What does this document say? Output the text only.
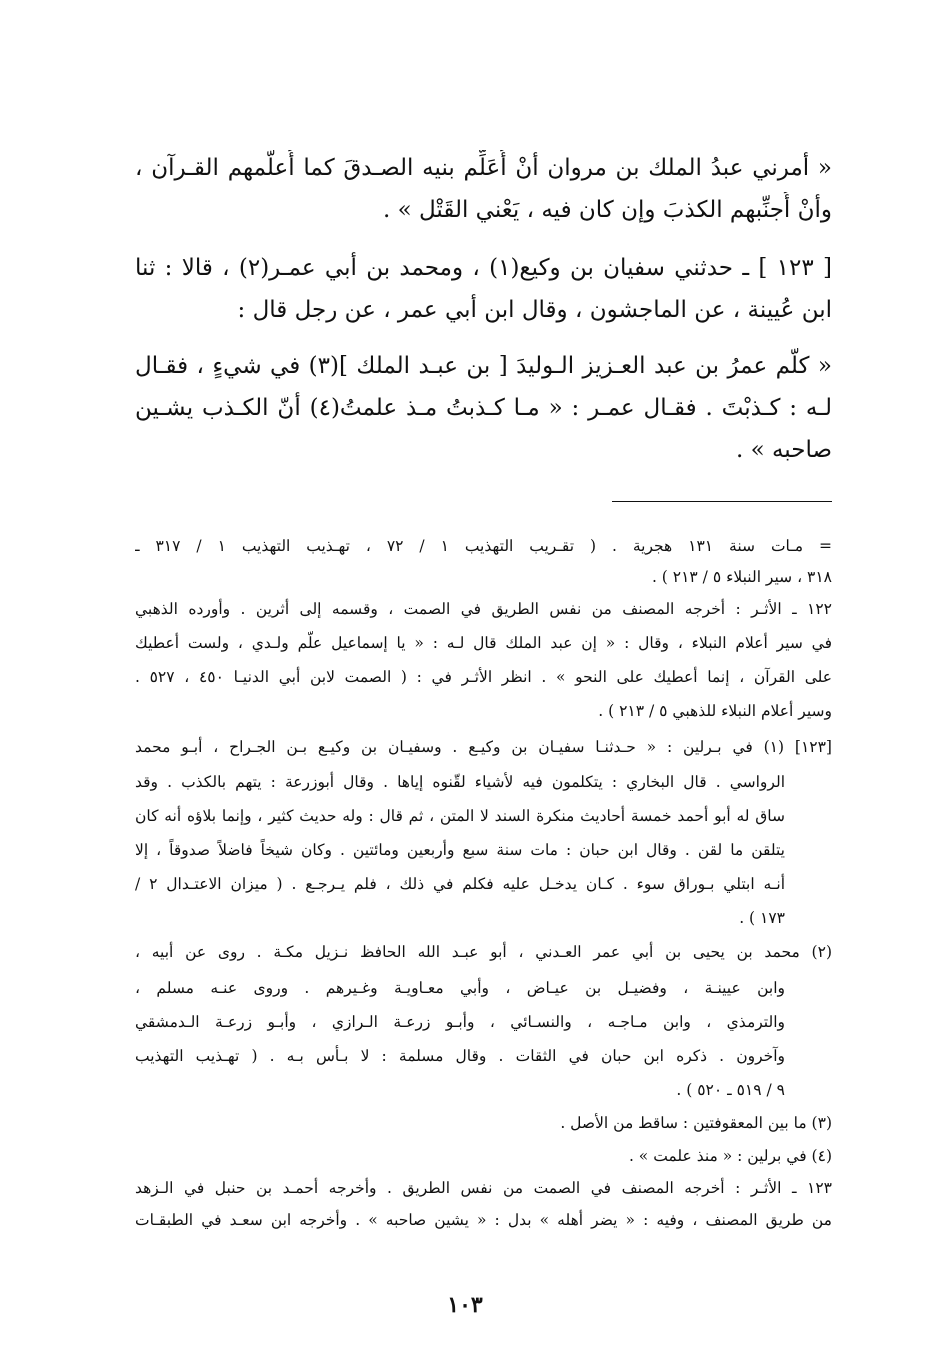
« أمرني عبدُ الملك بن مروان أنْ أُعَلِّم بنيه الصـدقَ كما أُعلّمهم القـرآن ،
وأنْ أُجنِّبهم الكذبَ وإن كان فيه ، يَعْني القَتْل » .
[ ١٢٣ ] ـ حدثني سفيان بن وكيع(١) ، ومحمد بن أبي عمـر(٢) ، قالا : ثنا
ابن عُيينة ، عن الماجشون ، وقال ابن أبي عمر ، عن رجل قال :
« كلّم عمرُ بن عبد العـزيز الـوليدَ [ بن عبـد الملك ](٣) في شيءٍ ، فقـال
لـه : كـذبْتَ . فقـال عمـر : « مـا كـذبتُ مـذ علمتُ(٤) أنّ الكـذب يشـين
صاحبه » .
= مـات سنة ١٣١ هجرية . ( تقـريب التهذيب ١ / ٧٢ ، تهـذيب التهذيب ١ / ٣١٧ ـ
٣١٨ ، سير النبلاء ٥ / ٢١٣ ) .
١٢٢ ـ الأثـر : أخرجه المصنف من نفس الطريق في الصمت ، وقسمه إلى أثرين . وأورده الذهبي
في سير أعلام النبلاء ، وقال : « إن عبد الملك قال لـه : « يا إسماعيل علّم ولـدي ، ولست أعطيك
على القرآن ، إنما أعطيك على النحو » . انظر الأثـر في : ( الصمت لابن أبي الدنيـا ٤٥٠ ، ٥٢٧ .
وسير أعلام النبلاء للذهبي ٥ / ٢١٣ ) .
[١٢٣] (١) في بـرلين : « حـدثنـا سفيـان بن وكيـع . وسفيـان بن وكيـع بـن الجـراح ، أبـو محمد
الرواسي . قال البخاري : يتكلمون فيه لأشياء لقّنوه إياها . وقال أبوزرعة : يتهم بالكذب . وقد
ساق له أبو أحمد خمسة أحاديث منكرة السند لا المتن ، ثم قال : وله حديث كثير ، وإنما بلاؤه أنه كان
يتلقن ما لقن . وقال ابن حبان : مات سنة سبع وأربعين ومائتين . وكان شيخاً فاضلاً صدوقاً ، إلا
أنـه ابتلي بـوراق سوء . كـان يدخـل عليه فكلم في ذلك ، فلم يـرجـع . ( ميزان الاعتـدال ٢ /
١٧٣ ) .
(٢) محمد بن يحيى بن أبي عمر العـدني ، أبو عبـد الله الحافظ نـزيل مكـة . روى عن أبيه ،
وابن عيينـة ، وفضيـل بن عيـاض ، وأبي معـاويـة وغـيرهم . وروى عنـه مسلم ،
والترمذي ، وابن مـاجـه ، والنسـائي ، وأبـو زرعـة الـرازي ، وأبـو زرعـة الـدمشقي
وآخرون . ذكره ابن حبان في الثقات . وقال مسلمة : لا بـأس بـه . ( تهـذيب التهذيب
٩ / ٥١٩ ـ ٥٢٠ ) .
(٣) ما بين المعقوفتين : ساقط من الأصل .
(٤) في برلين : « منذ علمت » .
١٢٣ ـ الأثـر : أخرجه المصنف في الصمت من نفس الطريق . وأخرجه أحمـد بن حنبل في الـزهد
من طريق المصنف ، وفيه : « يضر أهله » بدل : « يشين صاحبه » . وأخرجه ابن سعـد في الطبقـات
١٠٣
